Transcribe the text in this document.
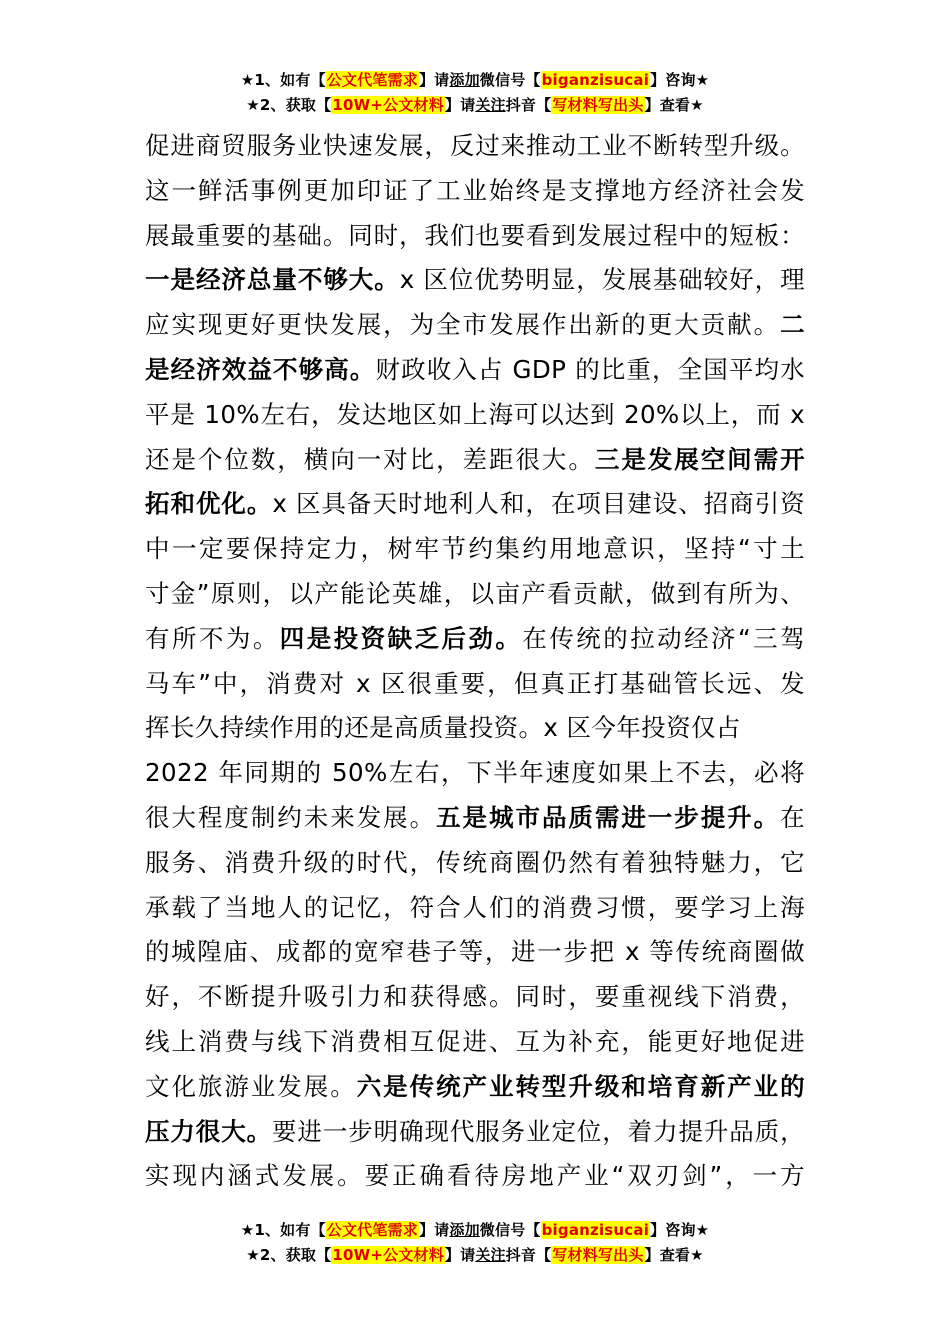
★1、如有【公文代笔需求】请添加微信号【biganzisucai】咨询★
★2、获取【10W+公文材料】请关注抖音【写材料写出头】查看★
促进商贸服务业快速发展，反过来推动工业不断转型升级。
这一鲜活事例更加印证了工业始终是支撑地方经济社会发
展最重要的基础。同时，我们也要看到发展过程中的短板：
一是经济总量不够大。x 区位优势明显，发展基础较好，理
应实现更好更快发展，为全市发展作出新的更大贡献。二
是经济效益不够高。财政收入占 GDP 的比重，全国平均水
平是 10%左右，发达地区如上海可以达到 20%以上，而 x
还是个位数，横向一对比，差距很大。三是发展空间需开
拓和优化。x 区具备天时地利人和，在项目建设、招商引资
中一定要保持定力，树牢节约集约用地意识，坚持“寸土
寸金”原则，以产能论英雄，以亩产看贡献，做到有所为、
有所不为。四是投资缺乏后劲。在传统的拉动经济“三驾
马车”中，消费对 x 区很重要，但真正打基础管长远、发
挥长久持续作用的还是高质量投资。x 区今年投资仅占
2022 年同期的 50%左右，下半年速度如果上不去，必将
很大程度制约未来发展。五是城市品质需进一步提升。在
服务、消费升级的时代，传统商圈仍然有着独特魅力，它
承载了当地人的记忆，符合人们的消费习惯，要学习上海
的城隍庙、成都的宽窄巷子等，进一步把 x 等传统商圈做
好，不断提升吸引力和获得感。同时，要重视线下消费，
线上消费与线下消费相互促进、互为补充，能更好地促进
文化旅游业发展。六是传统产业转型升级和培育新产业的
压力很大。要进一步明确现代服务业定位，着力提升品质，
实现内涵式发展。要正确看待房地产业“双刃剑”，一方
★1、如有【公文代笔需求】请添加微信号【biganzisucai】咨询★
★2、获取【10W+公文材料】请关注抖音【写材料写出头】查看★
